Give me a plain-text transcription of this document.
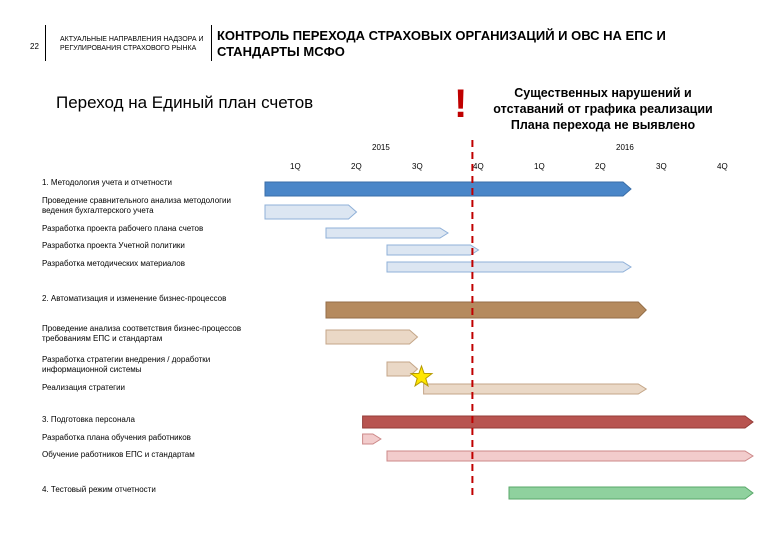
22
АКТУАЛЬНЫЕ НАПРАВЛЕНИЯ НАДЗОРА И РЕГУЛИРОВАНИЯ СТРАХОВОГО РЫНКА
КОНТРОЛЬ ПЕРЕХОДА СТРАХОВЫХ ОРГАНИЗАЦИЙ И ОВС НА ЕПС И СТАНДАРТЫ МСФО
Переход на Единый план счетов	!	Существенных нарушений и отставаний от графика реализации Плана перехода не выявлено
2015	2016
1Q	2Q	3Q	4Q	1Q	2Q	3Q	4Q
1. Методология учета и отчетности
Проведение сравнительного анализа методологии ведения бухгалтерского учета
Разработка проекта рабочего плана счетов
Разработка проекта Учетной политики
Разработка методических материалов
2. Автоматизация и изменение бизнес-процессов
Проведение анализа соответствия бизнес-процессов требованиям ЕПС и стандартам
Разработка стратегии внедрения / доработки информационной системы
Реализация стратегии
3. Подготовка персонала
Разработка плана обучения работников
Обучение работников ЕПС и стандартам
4. Тестовый режим отчетности
